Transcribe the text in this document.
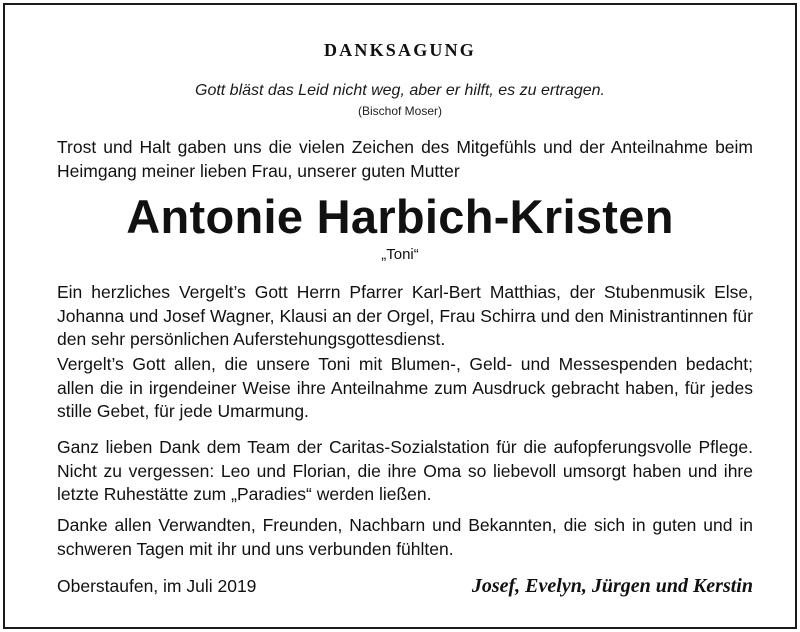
DANKSAGUNG
Gott bläst das Leid nicht weg, aber er hilft, es zu ertragen.
(Bischof Moser)

Trost und Halt gaben uns die vielen Zeichen des Mitgefühls und der Anteilnahme beim Heimgang meiner lieben Frau, unserer guten Mutter

Antonie Harbich-Kristen
„Toni“

Ein herzliches Vergelt’s Gott Herrn Pfarrer Karl-Bert Matthias, der Stubenmusik Else, Johanna und Josef Wagner, Klausi an der Orgel, Frau Schirra und den Ministrantinnen für den sehr persönlichen Auferstehungsgottesdienst.

Vergelt’s Gott allen, die unsere Toni mit Blumen-, Geld- und Messespenden bedacht; allen die in irgendeiner Weise ihre Anteilnahme zum Ausdruck gebracht haben, für jedes stille Gebet, für jede Umarmung.

Ganz lieben Dank dem Team der Caritas-Sozialstation für die aufopferungsvolle Pflege. Nicht zu vergessen: Leo und Florian, die ihre Oma so liebevoll umsorgt haben und ihre letzte Ruhestätte zum „Paradies“ werden ließen.

Danke allen Verwandten, Freunden, Nachbarn und Bekannten, die sich in guten und in schweren Tagen mit ihr und uns verbunden fühlten.

Oberstaufen, im Juli 2019	Josef, Evelyn, Jürgen und Kerstin
